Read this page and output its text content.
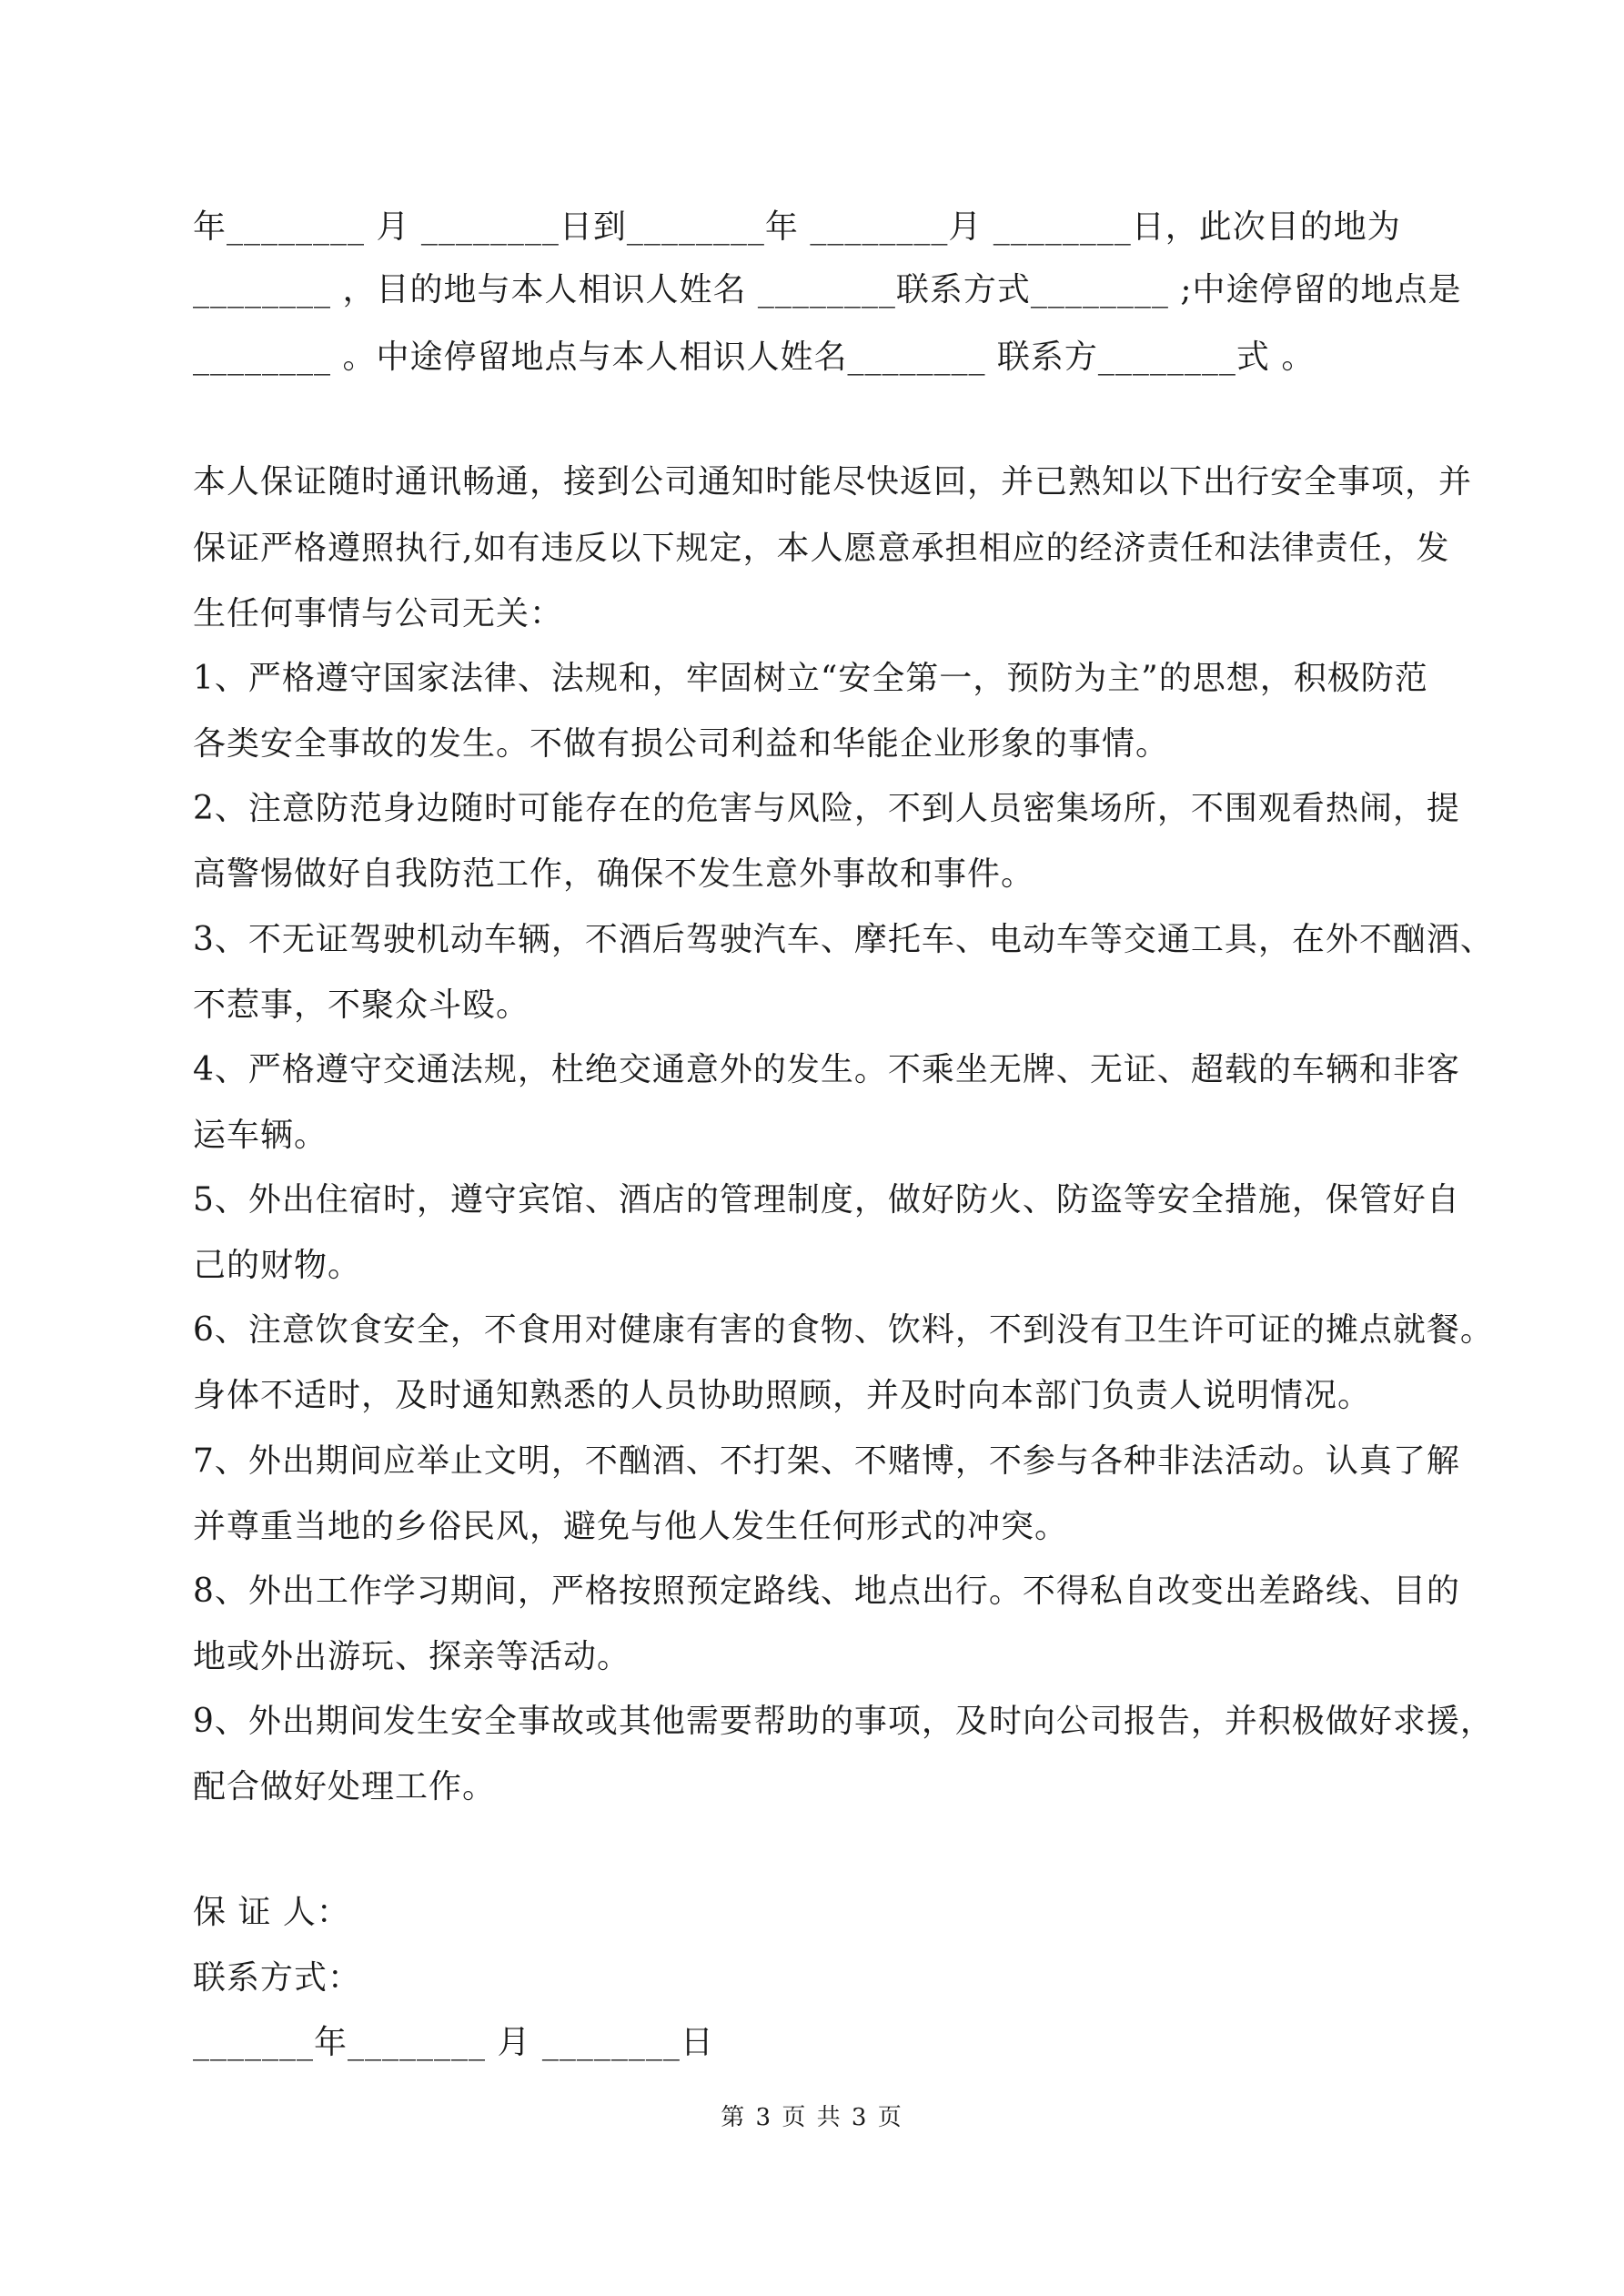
年________ 月 ________日到________年 ________月 ________日，此次目的地为
________ ，目的地与本人相识人姓名 ________联系方式________ ;中途停留的地点是
________ 。中途停留地点与本人相识人姓名________ 联系方________式 。
本人保证随时通讯畅通，接到公司通知时能尽快返回，并已熟知以下出行安全事项，并
保证严格遵照执行,如有违反以下规定，本人愿意承担相应的经济责任和法律责任，发
生任何事情与公司无关：
1、严格遵守国家法律、法规和，牢固树立“安全第一，预防为主”的思想，积极防范
各类安全事故的发生。不做有损公司利益和华能企业形象的事情。
2、注意防范身边随时可能存在的危害与风险，不到人员密集场所，不围观看热闹，提
高警惕做好自我防范工作，确保不发生意外事故和事件。
3、不无证驾驶机动车辆，不酒后驾驶汽车、摩托车、电动车等交通工具，在外不酗酒、
不惹事，不聚众斗殴。
4、严格遵守交通法规，杜绝交通意外的发生。不乘坐无牌、无证、超载的车辆和非客
运车辆。
5、外出住宿时，遵守宾馆、酒店的管理制度，做好防火、防盗等安全措施，保管好自
己的财物。
6、注意饮食安全，不食用对健康有害的食物、饮料，不到没有卫生许可证的摊点就餐。
身体不适时，及时通知熟悉的人员协助照顾，并及时向本部门负责人说明情况。
7、外出期间应举止文明，不酗酒、不打架、不赌博，不参与各种非法活动。认真了解
并尊重当地的乡俗民风，避免与他人发生任何形式的冲突。
8、外出工作学习期间，严格按照预定路线、地点出行。不得私自改变出差路线、目的
地或外出游玩、探亲等活动。
9、外出期间发生安全事故或其他需要帮助的事项，及时向公司报告，并积极做好求援，
配合做好处理工作。
保 证 人：
联系方式：
_______年________ 月 ________日
第 3 页 共 3 页
